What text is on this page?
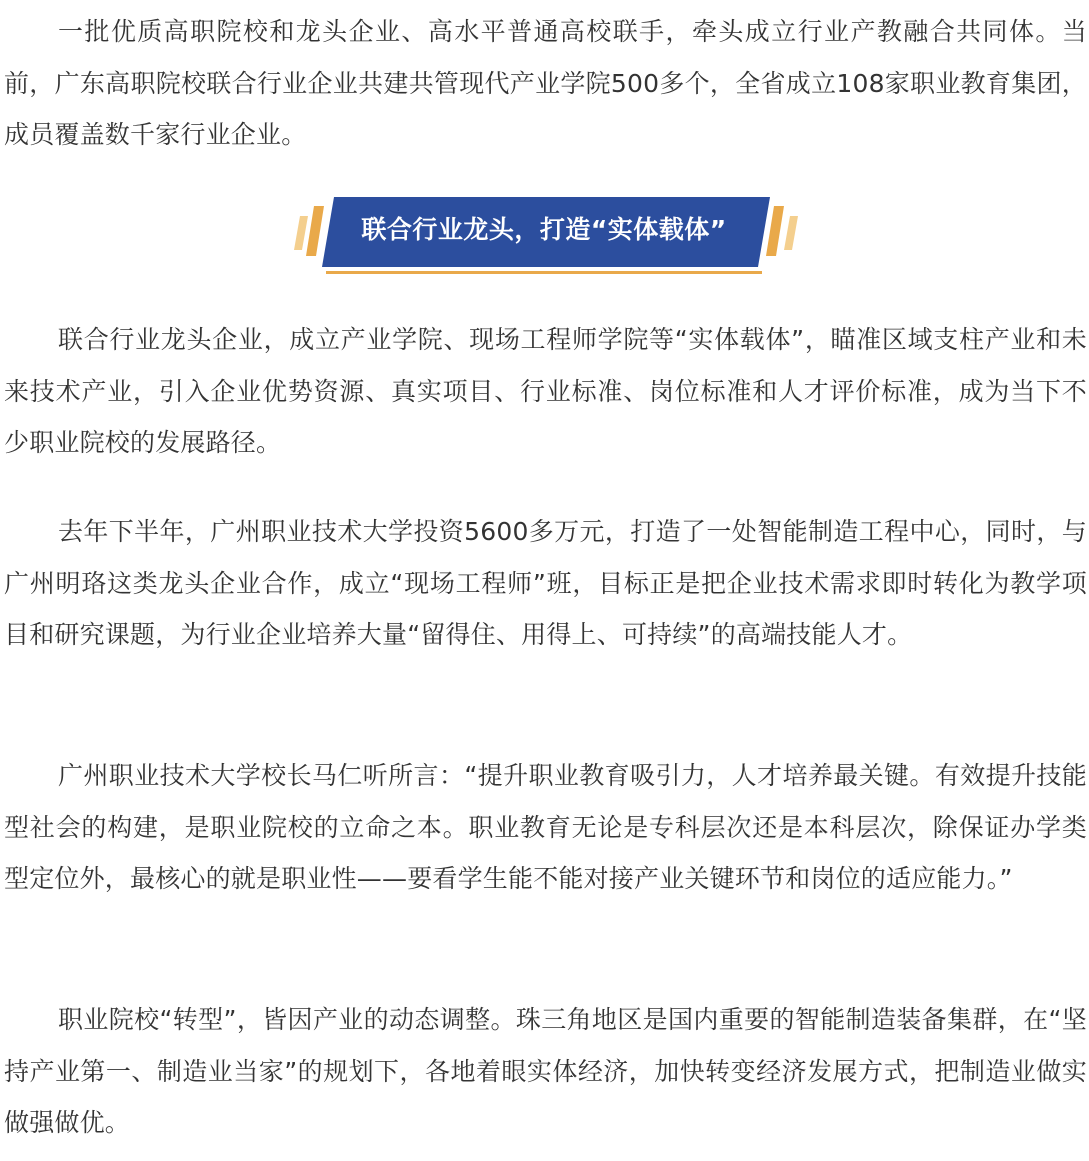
一批优质高职院校和龙头企业、高水平普通高校联手，牵头成立行业产教融合共同体。当前，广东高职院校联合行业企业共建共管现代产业学院500多个，全省成立108家职业教育集团，成员覆盖数千家行业企业。

联合行业龙头，打造“实体载体”

联合行业龙头企业，成立产业学院、现场工程师学院等“实体载体”，瞄准区域支柱产业和未来技术产业，引入企业优势资源、真实项目、行业标准、岗位标准和人才评价标准，成为当下不少职业院校的发展路径。

去年下半年，广州职业技术大学投资5600多万元，打造了一处智能制造工程中心，同时，与广州明珞这类龙头企业合作，成立“现场工程师”班，目标正是把企业技术需求即时转化为教学项目和研究课题，为行业企业培养大量“留得住、用得上、可持续”的高端技能人才。

广州职业技术大学校长马仁听所言：“提升职业教育吸引力，人才培养最关键。有效提升技能型社会的构建，是职业院校的立命之本。职业教育无论是专科层次还是本科层次，除保证办学类型定位外，最核心的就是职业性——要看学生能不能对接产业关键环节和岗位的适应能力。”

职业院校“转型”，皆因产业的动态调整。珠三角地区是国内重要的智能制造装备集群，在“坚持产业第一、制造业当家”的规划下，各地着眼实体经济，加快转变经济发展方式，把制造业做实做强做优。
